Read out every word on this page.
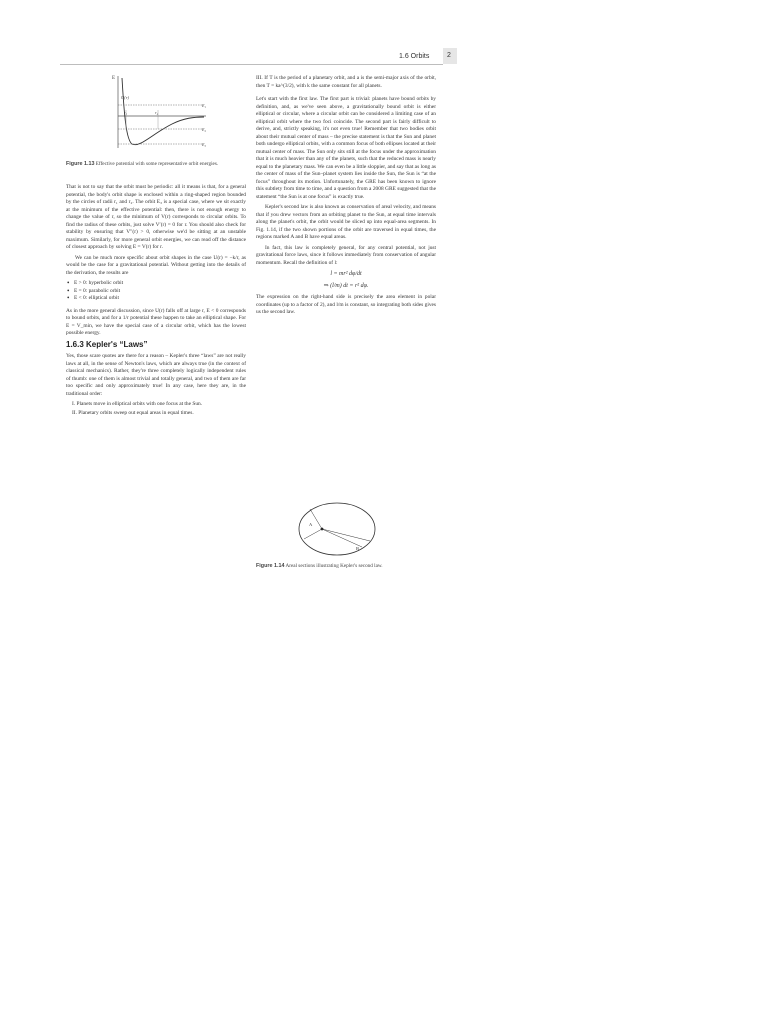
1.6 Orbits	2
E
U(r)
r₁	r₂
E₁
E₂
E₃
Figure 1.13 Effective potential with some representative orbit energies.

That is not to say that the orbit must be periodic: all it means is that, for a general potential, the body's orbit shape is enclosed within a ring-shaped region bounded by the circles of radii r₁ and r₂. The orbit E₃ is a special case, where we sit exactly at the minimum of the effective potential: then, there is not enough energy to change the value of r, so the minimum of V(r) corresponds to circular orbits. To find the radius of these orbits, just solve V′(r) = 0 for r. You should also check for stability by ensuring that V″(r) > 0, otherwise we'd be sitting at an unstable maximum. Similarly, for more general orbit energies, we can read off the distance of closest approach by solving E = V(r) for r.

We can be much more specific about orbit shapes in the case U(r) = −k/r, as would be the case for a gravitational potential. Without getting into the details of the derivation, the results are

• E > 0: hyperbolic orbit
• E = 0: parabolic orbit
• E < 0: elliptical orbit

As in the more general discussion, since U(r) falls off at large r, E < 0 corresponds to bound orbits, and for a 1/r potential these happen to take an elliptical shape. For E = V_min, we have the special case of a circular orbit, which has the lowest possible energy.

1.6.3 Kepler's “Laws”

Yes, those scare quotes are there for a reason – Kepler's three “laws” are not really laws at all, in the sense of Newton's laws, which are always true (in the context of classical mechanics). Rather, they're three completely logically independent rules of thumb: one of them is almost trivial and totally general, and two of them are far too specific and only approximately true! In any case, here they are, in the traditional order:

I. Planets move in elliptical orbits with one focus at the Sun.
II. Planetary orbits sweep out equal areas in equal times.

III. If T is the period of a planetary orbit, and a is the semi-major axis of the orbit, then T = ka^(3/2), with k the same constant for all planets.

Let's start with the first law. The first part is trivial: planets have bound orbits by definition, and, as we've seen above, a gravitationally bound orbit is either elliptical or circular, where a circular orbit can be considered a limiting case of an elliptical orbit where the two foci coincide. The second part is fairly difficult to derive, and, strictly speaking, it's not even true! Remember that two bodies orbit about their mutual center of mass – the precise statement is that the Sun and planet both undergo elliptical orbits, with a common focus of both ellipses located at their mutual center of mass. The Sun only sits still at the focus under the approximation that it is much heavier than any of the planets, such that the reduced mass is nearly equal to the planetary mass. We can even be a little sloppier, and say that as long as the center of mass of the Sun–planet system lies inside the Sun, the Sun is “at the focus” throughout its motion. Unfortunately, the GRE has been known to ignore this subtlety from time to time, and a question from a 2008 GRE suggested that the statement “the Sun is at one focus” is exactly true.

Kepler's second law is also known as conservation of areal velocity, and means that if you drew vectors from an orbiting planet to the Sun, at equal time intervals along the planet's orbit, the orbit would be sliced up into equal-area segments. In Fig. 1.14, if the two shown portions of the orbit are traversed in equal times, the regions marked A and B have equal areas.

In fact, this law is completely general, for any central potential, not just gravitational force laws, since it follows immediately from conservation of angular momentum. Recall the definition of l:

l = mr² dφ/dt
⇒ (l/m) dt = r² dφ.

The expression on the right-hand side is precisely the area element in polar coordinates (up to a factor of 2), and l/m is constant, so integrating both sides gives us the second law.

A
B
Figure 1.14 Areal sections illustrating Kepler's second law.
